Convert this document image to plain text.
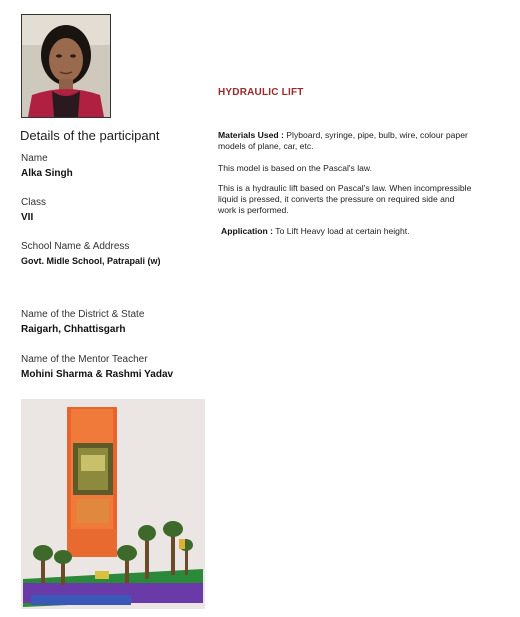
Details of the participant
Name
Alka Singh
Class
VII
School Name & Address
Govt. Midle School, Patrapali (w)
Name of the District & State
Raigarh, Chhattisgarh
Name of the Mentor Teacher
Mohini Sharma & Rashmi Yadav
HYDRAULIC LIFT
Materials Used : Plyboard, syringe, pipe, bulb, wire, colour paper
models of plane, car, etc.
This model is based on the Pascal's law.
This is a hydraulic lift based on Pascal's law. When incompressible
liquid is pressed, it converts the pressure on required side and
work is performed.
Application : To Lift Heavy load at certain height.
